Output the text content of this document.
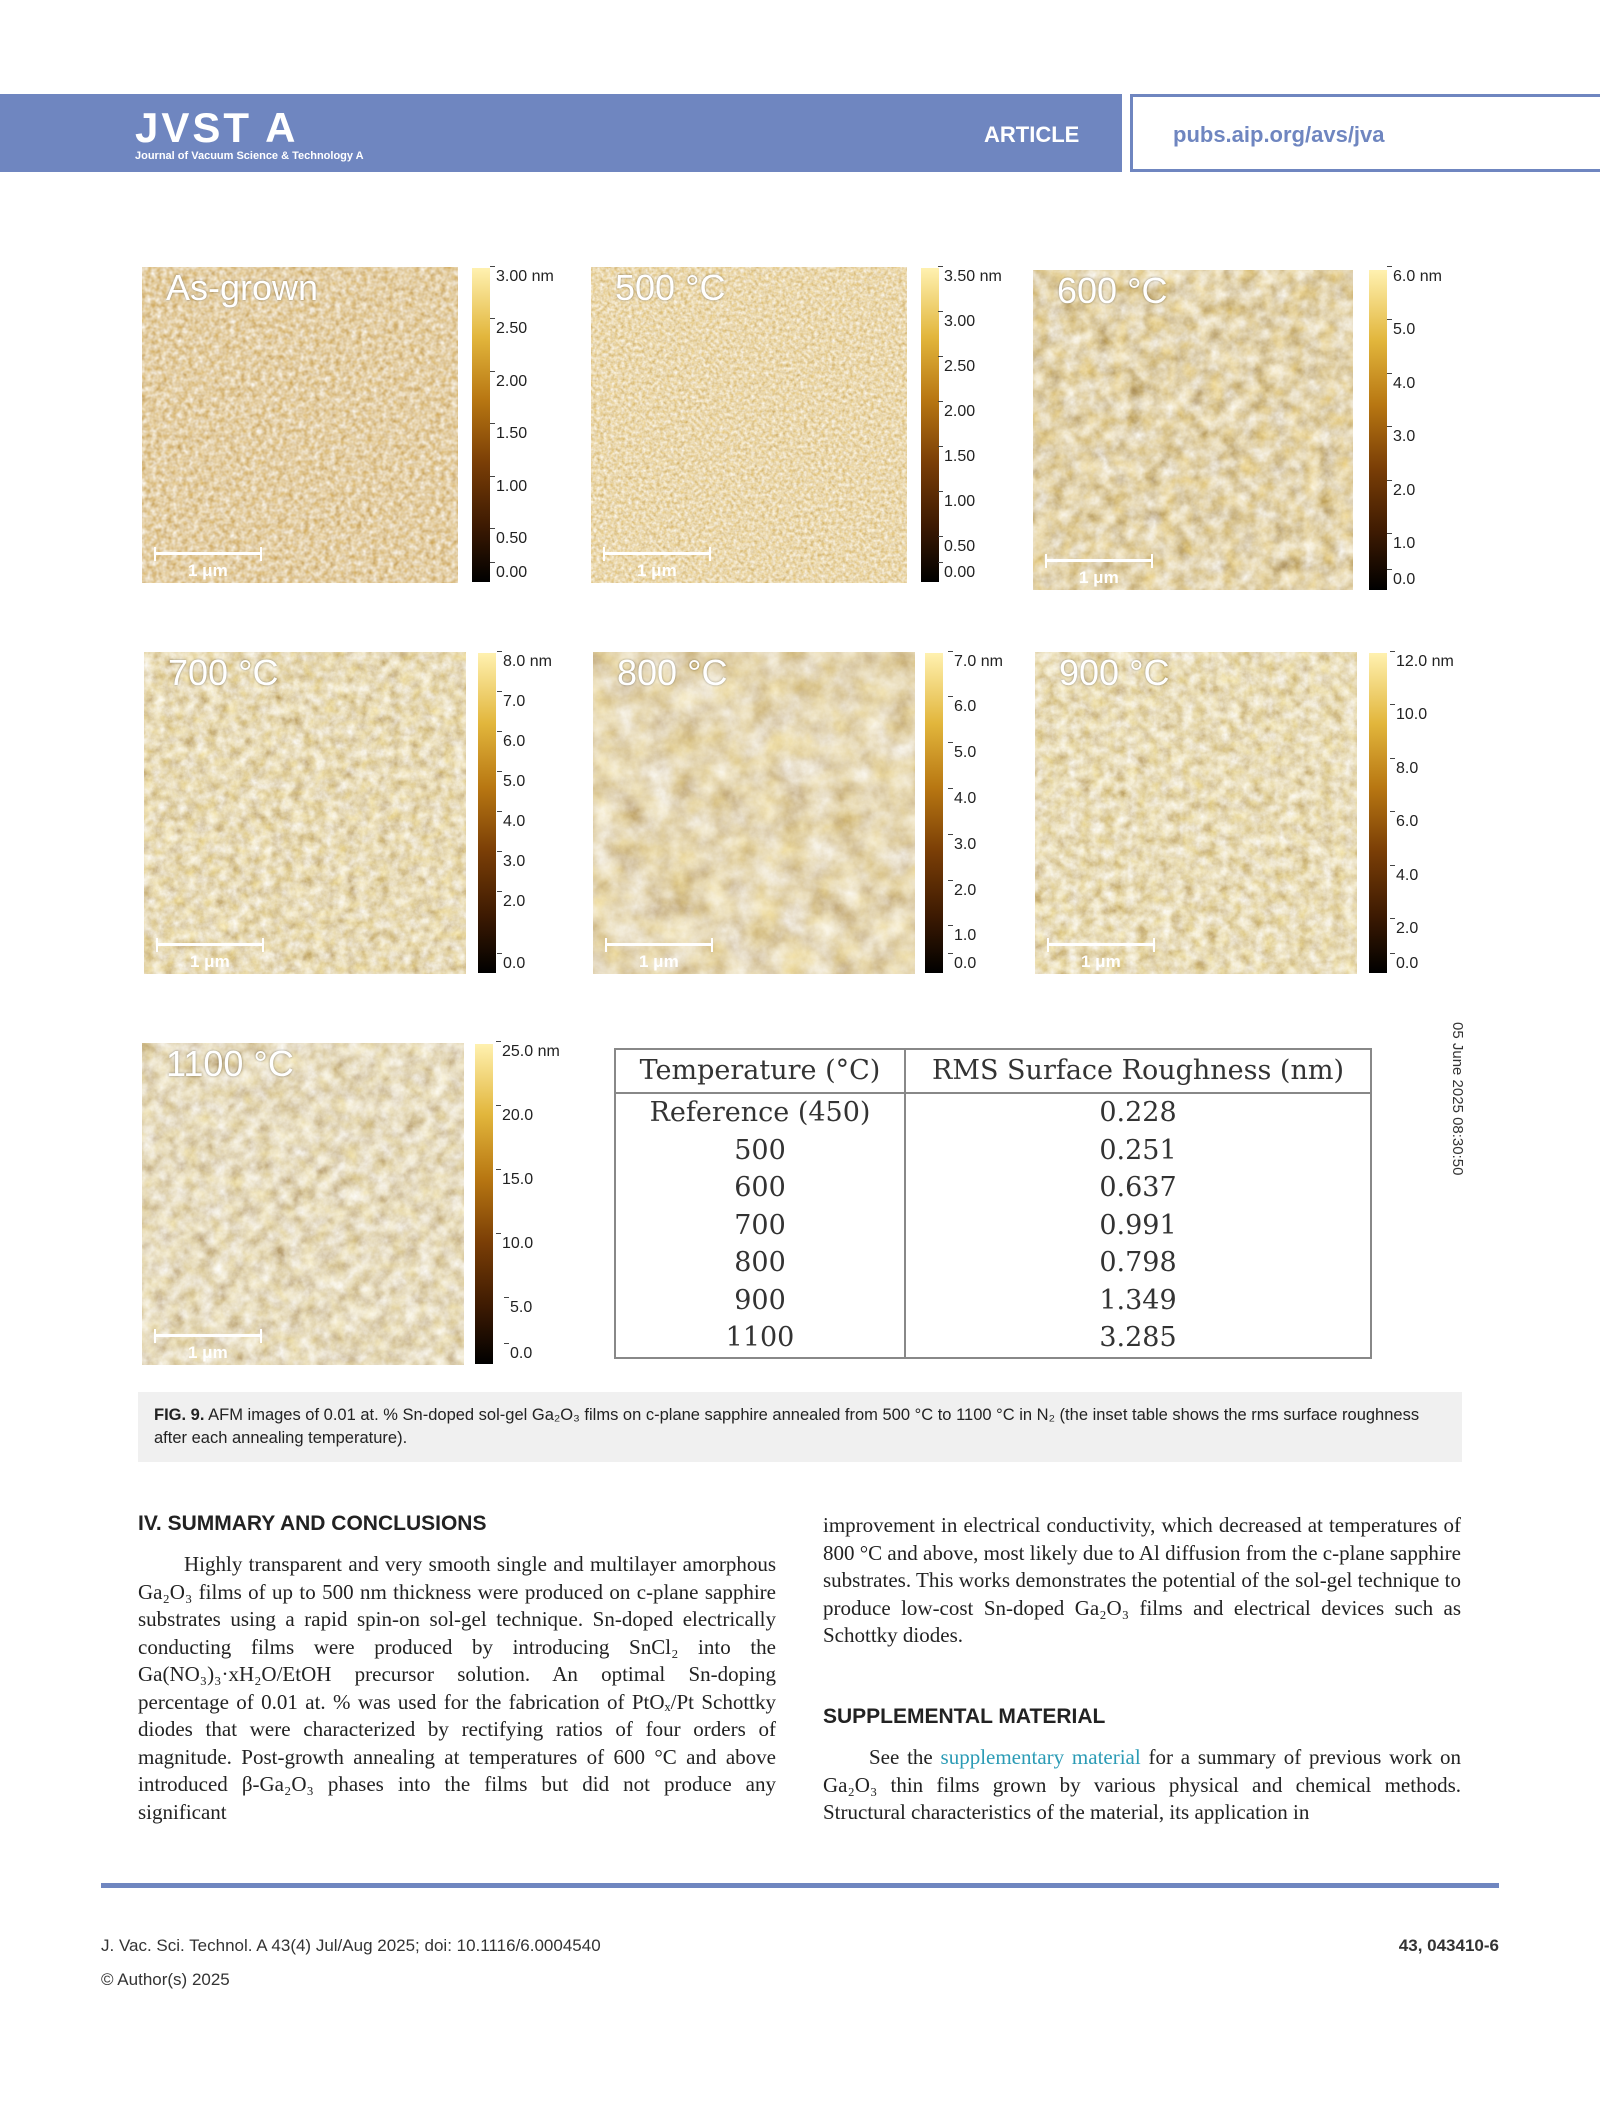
JVST A
Journal of Vacuum Science & Technology A
ARTICLE	pubs.aip.org/avs/jva
As-grown
1 μm
3.00 nm
2.50
2.00
1.50
1.00
0.50
0.00
500 °C
1 μm
3.50 nm
3.00
2.50
2.00
1.50
1.00
0.50
0.00
600 °C
1 μm
6.0 nm
5.0
4.0
3.0
2.0
1.0
0.0
700 °C
1 μm
8.0 nm
7.0
6.0
5.0
4.0
3.0
2.0
0.0
800 °C
1 μm
7.0 nm
6.0
5.0
4.0
3.0
2.0
1.0
0.0
900 °C
1 μm
12.0 nm
10.0
8.0
6.0
4.0
2.0
0.0
1100 °C
1 μm
25.0 nm
20.0
15.0
10.0
5.0
0.0
Temperature (°C)	RMS Surface Roughness (nm)
Reference (450)	0.228
500	0.251
600	0.637
700	0.991
800	0.798
900	1.349
1100	3.285
05 June 2025 08:30:50
FIG. 9. AFM images of 0.01 at. % Sn-doped sol-gel Ga₂O₃ films on c-plane sapphire annealed from 500 °C to 1100 °C in N₂ (the inset table shows the rms surface roughness after each annealing temperature).
IV. SUMMARY AND CONCLUSIONS

Highly transparent and very smooth single and multilayer amorphous Ga₂O₃ films of up to 500 nm thickness were produced on c-plane sapphire substrates using a rapid spin-on sol-gel technique. Sn-doped electrically conducting films were produced by introducing SnCl₂ into the Ga(NO₃)₃·xH₂O/EtOH precursor solution. An optimal Sn-doping percentage of 0.01 at. % was used for the fabrication of PtOₓ/Pt Schottky diodes that were characterized by rectifying ratios of four orders of magnitude. Post-growth annealing at temperatures of 600 °C and above introduced β-Ga₂O₃ phases into the films but did not produce any significant

improvement in electrical conductivity, which decreased at temperatures of 800 °C and above, most likely due to Al diffusion from the c-plane sapphire substrates. This works demonstrates the potential of the sol-gel technique to produce low-cost Sn-doped Ga₂O₃ films and electrical devices such as Schottky diodes.

SUPPLEMENTAL MATERIAL

See the supplementary material for a summary of previous work on Ga₂O₃ thin films grown by various physical and chemical methods. Structural characteristics of the material, its application in

J. Vac. Sci. Technol. A 43(4) Jul/Aug 2025; doi: 10.1116/6.0004540
© Author(s) 2025
43, 043410-6
